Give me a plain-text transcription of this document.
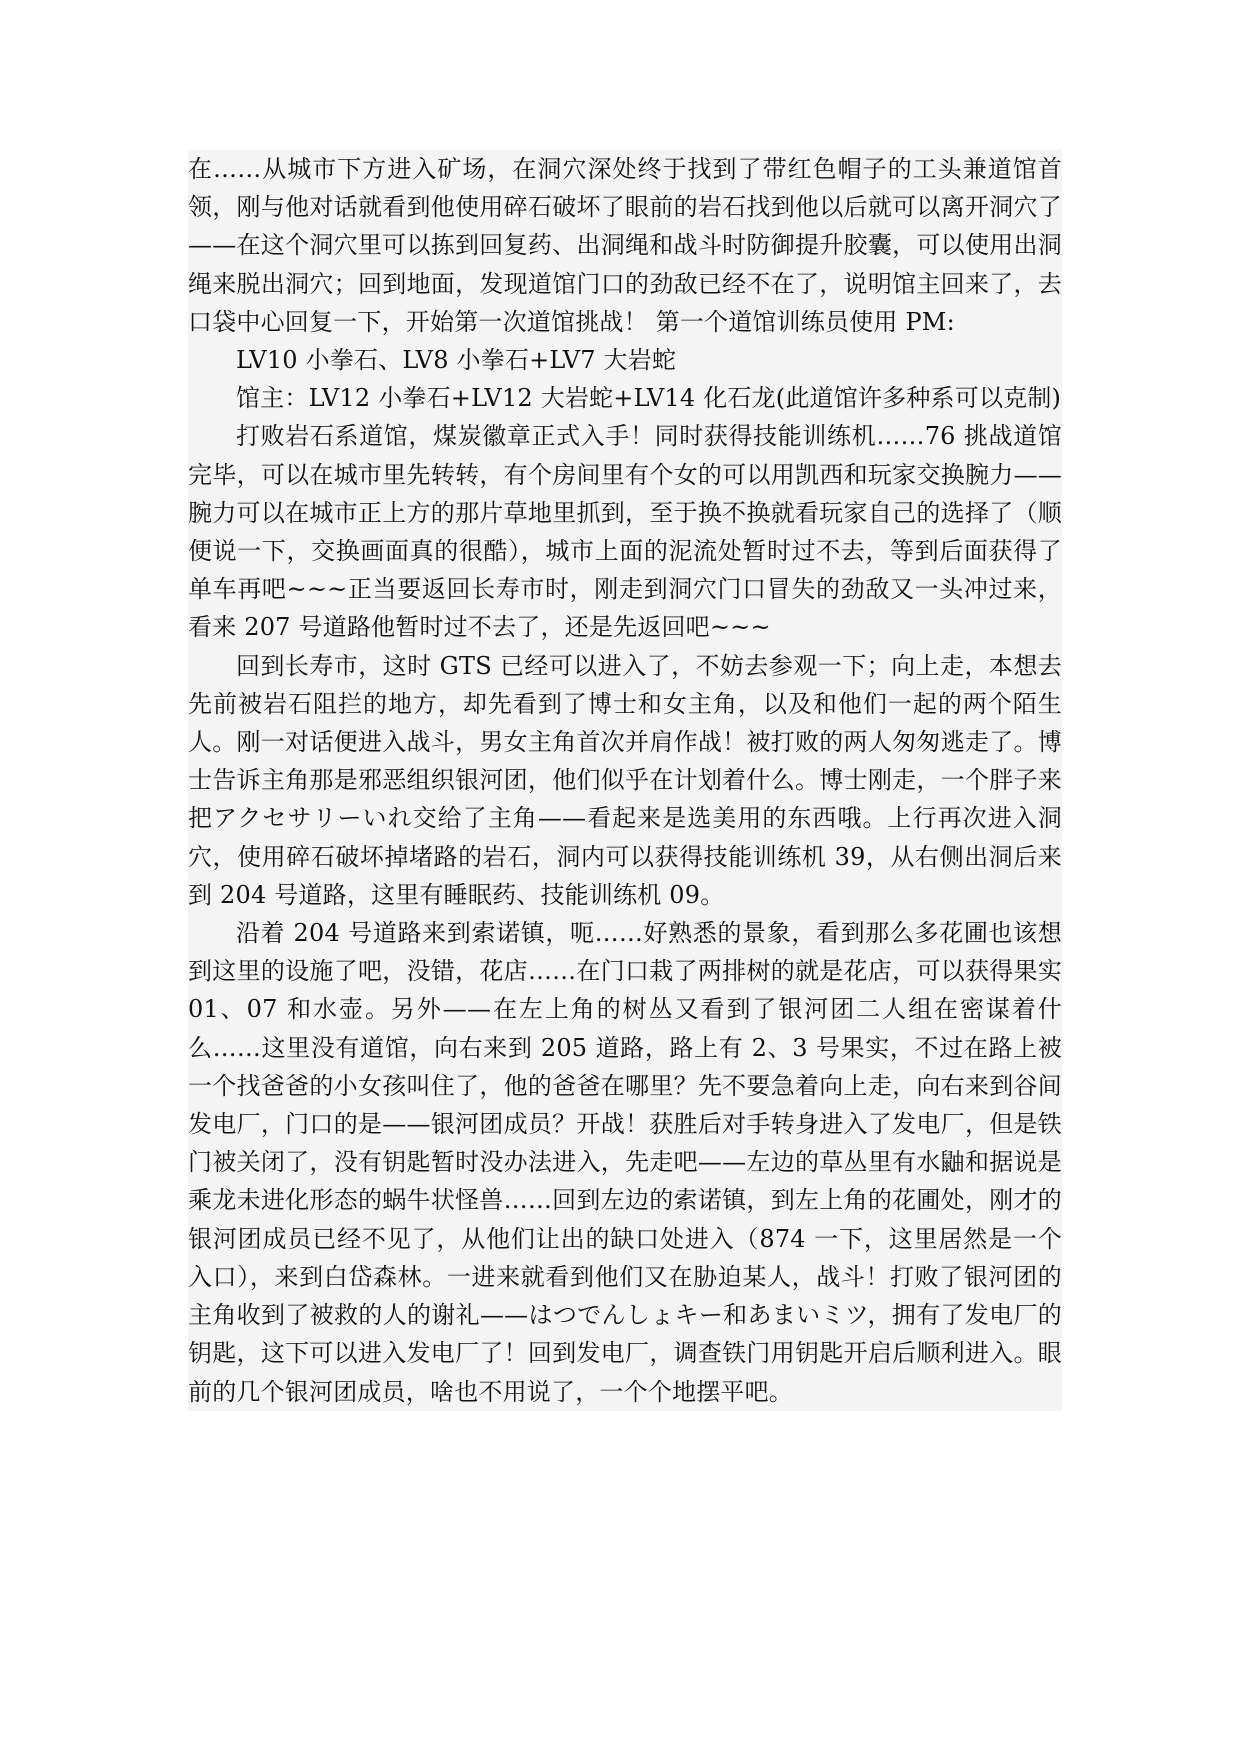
在……从城市下方进入矿场，在洞穴深处终于找到了带红色帽子的工头兼道馆首领，刚与他对话就看到他使用碎石破坏了眼前的岩石找到他以后就可以离开洞穴了——在这个洞穴里可以拣到回复药、出洞绳和战斗时防御提升胶囊，可以使用出洞绳来脱出洞穴；回到地面，发现道馆门口的劲敌已经不在了，说明馆主回来了，去口袋中心回复一下，开始第一次道馆挑战！ 第一个道馆训练员使用 PM:

LV10 小拳石、LV8 小拳石+LV7 大岩蛇

馆主：LV12 小拳石+LV12 大岩蛇+LV14 化石龙(此道馆许多种系可以克制)

打败岩石系道馆，煤炭徽章正式入手！同时获得技能训练机……76 挑战道馆完毕，可以在城市里先转转，有个房间里有个女的可以用凯西和玩家交换腕力——腕力可以在城市正上方的那片草地里抓到，至于换不换就看玩家自己的选择了（顺便说一下，交换画面真的很酷），城市上面的泥流处暂时过不去，等到后面获得了单车再吧~~~正当要返回长寿市时，刚走到洞穴门口冒失的劲敌又一头冲过来，看来 207 号道路他暂时过不去了，还是先返回吧~~~

回到长寿市，这时 GTS 已经可以进入了，不妨去参观一下；向上走，本想去先前被岩石阻拦的地方，却先看到了博士和女主角，以及和他们一起的两个陌生人。刚一对话便进入战斗，男女主角首次并肩作战！被打败的两人匆匆逃走了。博士告诉主角那是邪恶组织银河团，他们似乎在计划着什么。博士刚走，一个胖子来把アクセサリーいれ交给了主角——看起来是选美用的东西哦。上行再次进入洞穴，使用碎石破坏掉堵路的岩石，洞内可以获得技能训练机 39，从右侧出洞后来到 204 号道路，这里有睡眠药、技能训练机 09。

沿着 204 号道路来到索诺镇，呃……好熟悉的景象，看到那么多花圃也该想到这里的设施了吧，没错，花店……在门口栽了两排树的就是花店，可以获得果实 01、07 和水壶。另外——在左上角的树丛又看到了银河团二人组在密谋着什么……这里没有道馆，向右来到 205 道路，路上有 2、3 号果实，不过在路上被一个找爸爸的小女孩叫住了，他的爸爸在哪里？先不要急着向上走，向右来到谷间发电厂，门口的是——银河团成员？开战！获胜后对手转身进入了发电厂，但是铁门被关闭了，没有钥匙暂时没办法进入，先走吧——左边的草丛里有水鼬和据说是乘龙未进化形态的蜗牛状怪兽……回到左边的索诺镇，到左上角的花圃处，刚才的银河团成员已经不见了，从他们让出的缺口处进入（874 一下，这里居然是一个入口），来到白岱森林。一进来就看到他们又在胁迫某人，战斗！打败了银河团的主角收到了被救的人的谢礼——はつでんしょキー和あまいミツ，拥有了发电厂的钥匙，这下可以进入发电厂了！回到发电厂，调查铁门用钥匙开启后顺利进入。眼前的几个银河团成员，啥也不用说了，一个个地摆平吧。
